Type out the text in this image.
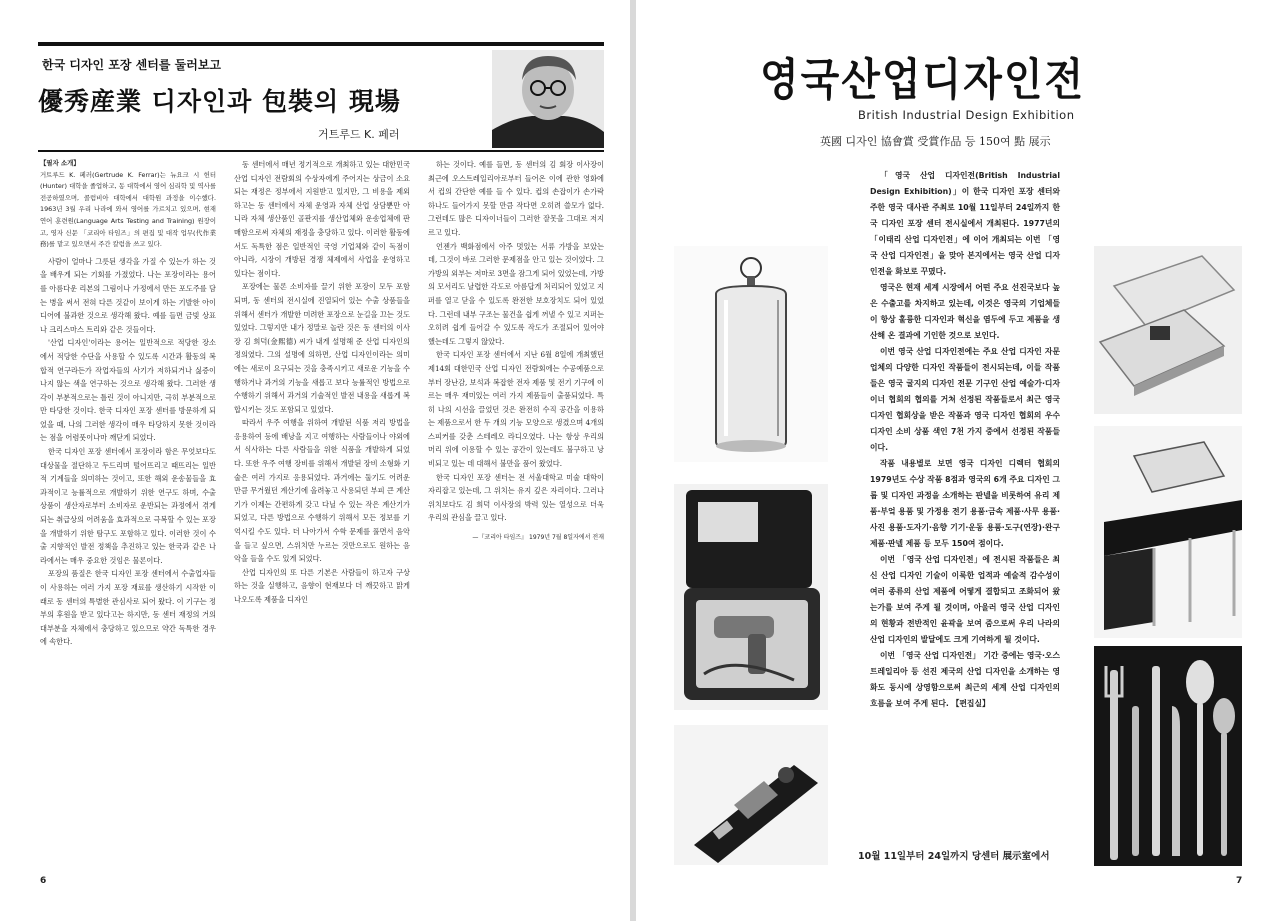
한국 디자인 포장 센터를 둘러보고
優秀産業 디자인과 包裝의 現場
거트루드 K. 페러
【필자 소개】
거트루드 K. 페러(Gertrude K. Ferrar)는 뉴요크 시 헌터(Hunter) 대학을 졸업하고, 동 대학에서 영어 심리학 및 역사를 전공하였으며, 콜럼비아 대학에서 대학원 과정을 이수했다. 1963년 3월 우리 나라에 와서 영어를 가르치고 있으며, 현재 연어 훈련원(Language Arts Testing and Training) 원장이고, 영자 신문 「코리아 타임즈」의 편집 및 대작 업무(代作業務)를 맡고 있으면서 주간 칼럼을 쓰고 있다.

사람이 얼마나 그릇된 생각을 가질 수 있는가 하는 것을 배우게 되는 기회를 가졌었다. 나는 포장이라는 용어를 아름다운 리본의 그림이나 가정에서 만든 포도주를 담는 병을 써서 전혀 다른 것같이 보이게 하는 기발한 아이디어에 불과한 것으로 생각해 왔다. 예를 들면 금빛 상표나 크리스마스 트리와 같은 것들이다.

'산업 디자인'이라는 용어는 일반적으로 적당한 장소에서 적당한 수단을 사용할 수 있도록 시간과 활동의 복합적 연구라든가 작업자들의 사기가 저하되거나 싫증이 나지 않는 색을 연구하는 것으로 생각해 왔다. 그러한 생각이 부분적으로는 틀린 것이 아니지만, 극히 부분적으로만 타당한 것이다. 한국 디자인 포장 센터를 방문하게 되었을 때, 나의 그러한 생각이 매우 타당하지 못한 것이라는 점을 어렴풋이나마 깨닫게 되었다.

한국 디자인 포장 센터에서 포장이라 함은 무엇보다도 대상물을 절단하고 두드리며 떨어뜨리고 때뜨리는 일반적 기계들을 의미하는 것이고, 또한 해외 운송물들을 효과적이고 능률적으로 개발하기 위한 연구도 하며, 수출 상품이 생산자로부터 소비자로 운반되는 과정에서 겪게 되는 취급상의 어려움을 효과적으로 극복할 수 있는 포장을 개발하기 위한 탐구도 포함하고 있다. 이러한 것이 수출 지향적인 발전 정책을 추진하고 있는 한국과 같은 나라에서는 매우 중요한 것임은 물론이다.

포장의 품질은 한국 디자인 포장 센터에서 수출업자들이 사용하는 여러 가지 포장 재료를 생산하기 시작한 이래로 동 센터의 특별한 관심사로 되어 왔다. 이 기구는 정부의 후원을 받고 있다고는 하지만, 동 센터 재정의 거의 대부분을 자체에서 충당하고 있으므로 약간 독특한 경우에 속한다.

동 센터에서 매년 정기적으로 개최하고 있는 대한민국 산업 디자인 전람회의 수상자에게 주어지는 상금이 소요되는 재정은 정부에서 지원받고 있지만, 그 비용을 제외하고는 동 센터에서 자체 운영과 자체 산업 상담뿐만 아니라 자체 생산품인 골판지를 생산업체와 운송업체에 판매함으로써 자체의 재정을 충당하고 있다. 이러한 활동에서도 독특한 점은 일반적인 국영 기업체와 같이 독점이 아니라, 시장이 개방된 경쟁 체제에서 사업을 운영하고 있다는 점이다.

포장에는 물론 소비자를 끌기 위한 포장이 모두 포함되며, 동 센터의 전시실에 진열되어 있는 수출 상품들을 위해서 센터가 개발한 미려한 포장으로 눈길을 끄는 것도 있었다. 그렇지만 내가 정말로 놀란 것은 동 센터의 이사장 김 희덕(金熙德) 씨가 내게 설명해 준 산업 디자인의 정의였다. 그의 설명에 의하면, 산업 디자인이라는 의미에는 새로이 요구되는 것을 충족시키고 새로운 기능을 수행하거나 과거의 기능을 새롭고 보다 능률적인 방법으로 수행하기 위해서 과거의 기술적인 발전 내용을 새롭게 복합시키는 것도 포함되고 있었다.

따라서 우주 여행을 위하여 개발된 식품 저리 방법을 응용하여 등에 배낭을 지고 여행하는 사람들이나 야외에서 식사하는 다른 사람들을 위한 식품을 개발하게 되었다. 또한 우주 여행 장비를 위해서 개발된 장비 소형화 기술은 여러 가지로 응용되었다. 과거에는 둘기도 어려운 만큼 무거웠던 계산기에 올려놓고 사용되던 부피 큰 계산기가 이제는 간편하게 갖고 다닐 수 있는 작은 계산기가 되었고, 다른 방법으로 수행하기 위해서 모든 정보를 기억시킬 수도 있다. 더 나아가서 수학 문제를 풀면서 음악을 들고 싶으면, 스위치만 누르는 것만으로도 원하는 음악을 들을 수도 있게 되었다.

산업 디자인의 또 다른 기본은 사람들이 하고자 구상하는 것을 실행하고, 음향이 현재보다 더 깨끗하고 맑게 나오도록 제품을 디자인

하는 것이다. 예를 들면, 동 센터의 김 회장 이사장이 최근에 오스트레일리아로부터 들어온 이에 관한 영화에서 컵의 간단한 예를 들 수 있다. 컵의 손잡이가 손가락 하나도 들어가지 못할 만큼 작다면 오히려 쓸모가 없다. 그런데도 많은 디자이너들이 그러한 잘못을 그대로 저지르고 있다.

언젠가 백화점에서 아주 멋있는 서류 가방을 보았는데, 그것이 바로 그러한 문제점을 안고 있는 것이었다. 그 가방의 외부는 저마로 3면을 잠그게 되어 있었는데, 가방의 모서리도 날렵한 각도로 아름답게 처리되어 있었고 지퍼를 열고 닫을 수 있도록 완전한 보호장치도 되어 있었다. 그런데 내부 구조는 물건을 쉽게 꺼낼 수 있고 지퍼는 오히려 쉽게 들어갈 수 있도록 작도가 조절되어 있어야 했는데도 그렇지 않았다.

한국 디자인 포장 센터에서 지난 6월 8일에 개최했던 제14회 대한민국 산업 디자인 전람회에는 수공예품으로부터 장난감, 보석과 복잡한 전자 제품 및 전기 기구에 이르는 매우 재미있는 여러 가지 제품들이 출품되었다. 특히 나의 시선을 끌었던 것은 완전히 수직 공간을 이용하는 제품으로서 한 두 개의 기능 모양으로 생겼으며 4개의 스피커를 갖춘 스테레오 라디오였다. 나는 항상 우리의 머리 위에 이용할 수 있는 공간이 있는데도 불구하고 낭비되고 있는 데 대해서 불만을 품어 왔었다.

한국 디자인 포장 센터는 전 서울대학교 미술 대학이 자리잡고 있는데, 그 위치는 유지 깊은 자리이다. 그러나 위치보다도 김 희덕 이사장의 박력 있는 열성으로 더욱 우리의 관심을 끌고 있다.

—『코리아 타임즈』 1979년 7월 8일자에서 전재

6
영국산업디자인전
British Industrial Design Exhibition
英國 디자인 協會賞 受賞作品 등 150여 點 展示

「영국 산업 디자인전(British Industrial Design Exhibition)」이 한국 디자인 포장 센터와 주한 영국 대사관 주최로 10월 11일부터 24일까지 한국 디자인 포장 센터 전시실에서 개최된다. 1977년의 「이태리 산업 디자인전」에 이어 개최되는 이번 「영국 산업 디자인전」을 맞아 본지에서는 영국 산업 디자인전을 화보로 꾸몄다.

영국은 현재 세계 시장에서 어떤 주요 선진국보다 높은 수출고를 차지하고 있는데, 이것은 영국의 기업체들이 항상 훌륭한 디자인과 혁신을 염두에 두고 제품을 생산해 온 결과에 기인한 것으로 보인다.

이번 영국 산업 디자인전에는 주요 산업 디자인 자문 업체의 다양한 디자인 작품들이 전시되는데, 이들 작품들은 영국 굴지의 디자인 전문 기구인 산업 예술가·디자이너 협회의 협의를 거쳐 선정된 작품들로서 최근 영국 디자인 협회상을 받은 작품과 영국 디자인 협회의 우수 디자인 소비 상품 색인 7천 가지 중에서 선정된 작품들이다.

작품 내용별로 보면 영국 디자인 디렉터 협회의 1979년도 수상 작품 8점과 영국의 6개 주요 디자인 그룹 및 디자인 과정을 소개하는 판넬을 비롯하여 유리 제품·부엌 용품 및 가정용 전기 용품·금속 제품·사무 용품·사진 용품·도자기·음향 기기·운동 용품·도구(연장)·완구 제품·판넬 제품 등 모두 150여 점이다.

이번 「영국 산업 디자인전」에 전시된 작품들은 최신 산업 디자인 기술이 이룩한 업적과 예술적 감수성이 여러 종류의 산업 제품에 어떻게 결합되고 조화되어 왔는가를 보여 주게 될 것이며, 아울러 영국 산업 디자인의 현황과 전반적인 윤곽을 보여 줌으로써 우리 나라의 산업 디자인의 발달에도 크게 기여하게 될 것이다.

이번 「영국 산업 디자인전」 기간 중에는 영국·오스트레일리아 등 선진 제국의 산업 디자인을 소개하는 영화도 동시에 상영함으로써 최근의 세계 산업 디자인의 흐름을 보여 주게 된다. 【편집실】

10월 11일부터 24일까지 당센터 展示室에서
7
